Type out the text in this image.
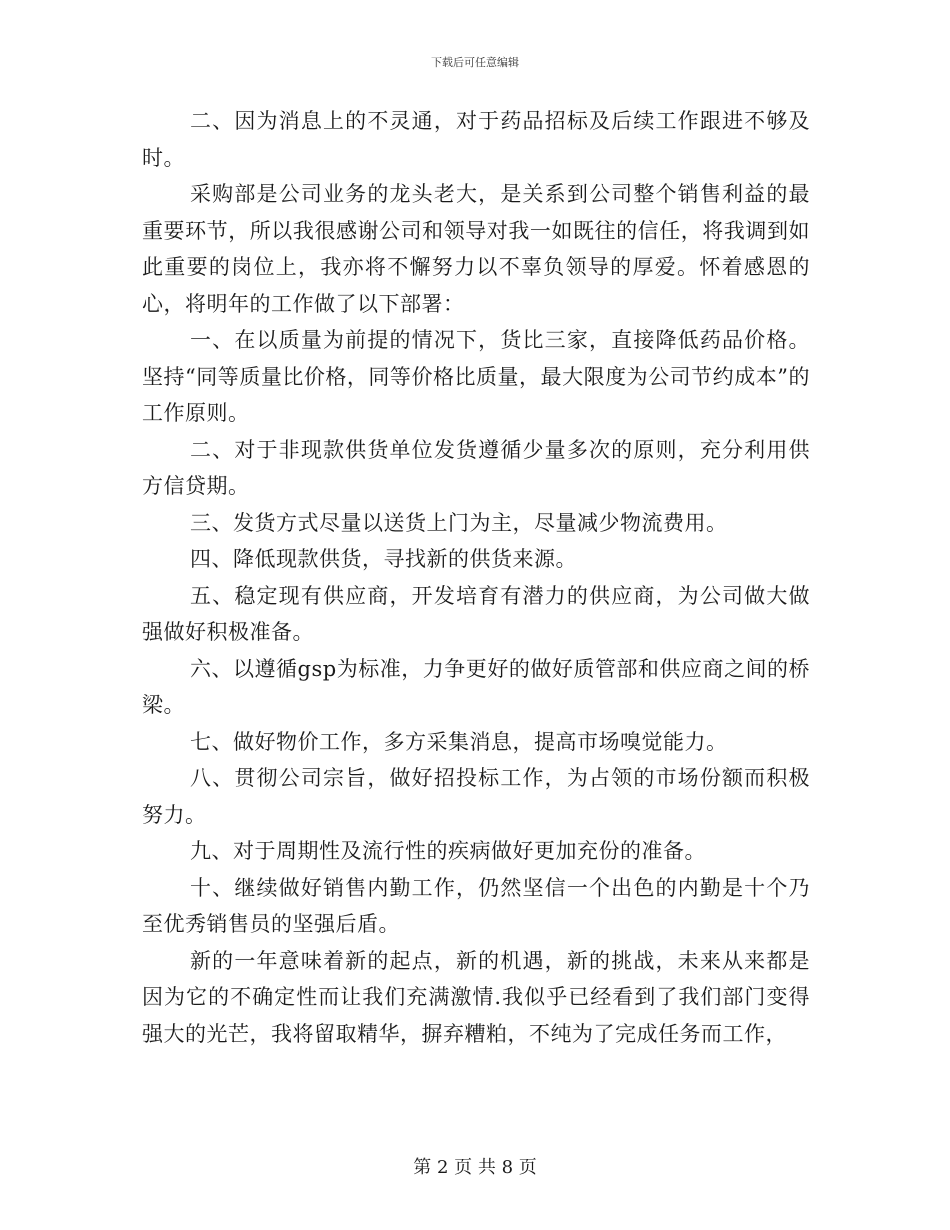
下载后可任意编辑

二、因为消息上的不灵通，对于药品招标及后续工作跟进不够及时。

采购部是公司业务的龙头老大，是关系到公司整个销售利益的最重要环节，所以我很感谢公司和领导对我一如既往的信任，将我调到如此重要的岗位上，我亦将不懈努力以不辜负领导的厚爱。怀着感恩的心，将明年的工作做了以下部署：

一、在以质量为前提的情况下，货比三家，直接降低药品价格。坚持“同等质量比价格，同等价格比质量，最大限度为公司节约成本”的工作原则。

二、对于非现款供货单位发货遵循少量多次的原则，充分利用供方信贷期。

三、发货方式尽量以送货上门为主，尽量减少物流费用。

四、降低现款供货，寻找新的供货来源。

五、稳定现有供应商，开发培育有潜力的供应商，为公司做大做强做好积极准备。

六、以遵循gsp为标准，力争更好的做好质管部和供应商之间的桥梁。

七、做好物价工作，多方采集消息，提高市场嗅觉能力。

八、贯彻公司宗旨，做好招投标工作，为占领的市场份额而积极努力。

九、对于周期性及流行性的疾病做好更加充份的准备。

十、继续做好销售内勤工作，仍然坚信一个出色的内勤是十个乃至优秀销售员的坚强后盾。

新的一年意味着新的起点，新的机遇，新的挑战，未来从来都是因为它的不确定性而让我们充满激情.我似乎已经看到了我们部门变得强大的光芒，我将留取精华，摒弃糟粕，不纯为了完成任务而工作，

第 2 页 共 8 页
